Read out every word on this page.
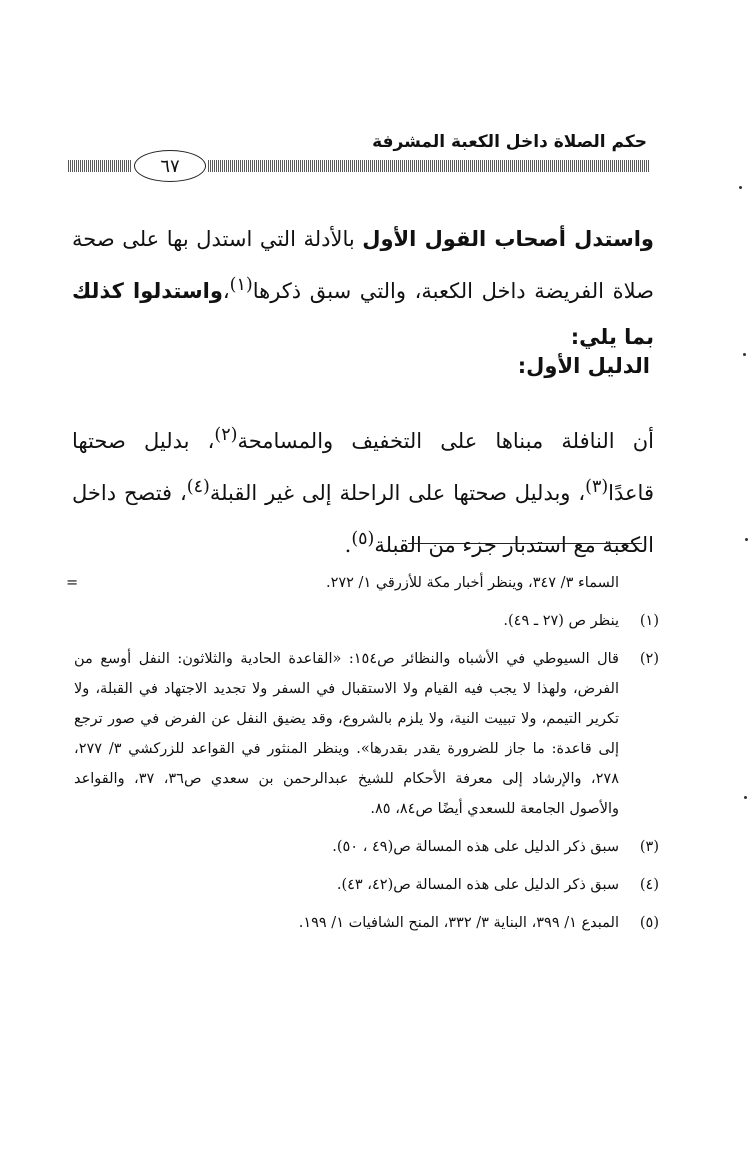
حكم الصلاة داخل الكعبة المشرفة
٦٧

واستدل أصحاب القول الأول بالأدلة التي استدل بها على صحة صلاة الفريضة داخل الكعبة، والتي سبق ذكرها$^{(١)}$،واستدلوا كذلك بما يلي:

الدليل الأول:

أن النافلة مبناها على التخفيف والمسامحة$^{(٢)}$، بدليل صحتها قاعدًا$^{(٣)}$، وبدليل صحتها على الراحلة إلى غير القبلة$^{(٤)}$، فتصح داخل الكعبة مع استدبار جزء من القبلة$^{(٥)}$.

=	السماء ٣/ ٣٤٧، وينظر أخبار مكة للأزرقي ١/ ٢٧٢.
(١)
ينظر ص (٢٧ ـ ٤٩).
(٢)
قال السيوطي في الأشباه والنظائر ص١٥٤: «القاعدة الحادية والثلاثون: النفل أوسع من الفرض، ولهذا لا يجب فيه القيام ولا الاستقبال في السفر ولا تجديد الاجتهاد في القبلة، ولا تكرير التيمم، ولا تبييت النية، ولا يلزم بالشروع، وقد يضيق النفل عن الفرض في صور ترجع إلى قاعدة: ما جاز للضرورة يقدر بقدرها». وينظر المنثور في القواعد للزركشي ٣/ ٢٧٧، ٢٧٨، والإرشاد إلى معرفة الأحكام للشيخ عبدالرحمن بن سعدي ص٣٦، ٣٧، والقواعد والأصول الجامعة للسعدي أيضًا ص٨٤، ٨٥.
(٣)
سبق ذكر الدليل على هذه المسالة ص(٤٩ ، ٥٠).
(٤)
سبق ذكر الدليل على هذه المسالة ص(٤٢، ٤٣).
(٥)
المبدع ١/ ٣٩٩، البناية ٣/ ٣٣٢، المنح الشافيات ١/ ١٩٩.
